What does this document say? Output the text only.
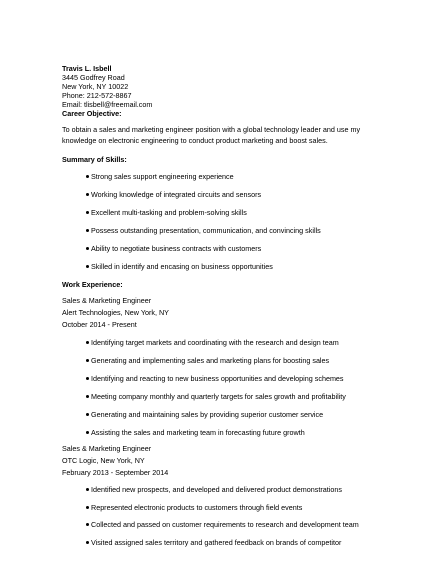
Travis L. Isbell
3445 Godfrey Road
New York, NY 10022
Phone: 212-572-8867
Email: tlisbell@freemail.com
Career Objective:
To obtain a sales and marketing engineer position with a global technology leader and use my
knowledge on electronic engineering to conduct product marketing and boost sales.
Summary of Skills:
Strong sales support engineering experience
Working knowledge of integrated circuits and sensors
Excellent multi-tasking and problem-solving skills
Possess outstanding presentation, communication, and convincing skills
Ability to negotiate business contracts with customers
Skilled in identify and encasing on business opportunities
Work Experience:
Sales & Marketing Engineer
Alert Technologies, New York, NY
October 2014 - Present
Identifying target markets and coordinating with the research and design team
Generating and implementing sales and marketing plans for boosting sales
Identifying and reacting to new business opportunities and developing schemes
Meeting company monthly and quarterly targets for sales growth and profitability
Generating and maintaining sales by providing superior customer service
Assisting the sales and marketing team in forecasting future growth
Sales & Marketing Engineer
OTC Logic, New York, NY
February 2013 - September 2014
Identified new prospects, and developed and delivered product demonstrations
Represented electronic products to customers through field events
Collected and passed on customer requirements to research and development team
Visited assigned sales territory and gathered feedback on brands of competitor
